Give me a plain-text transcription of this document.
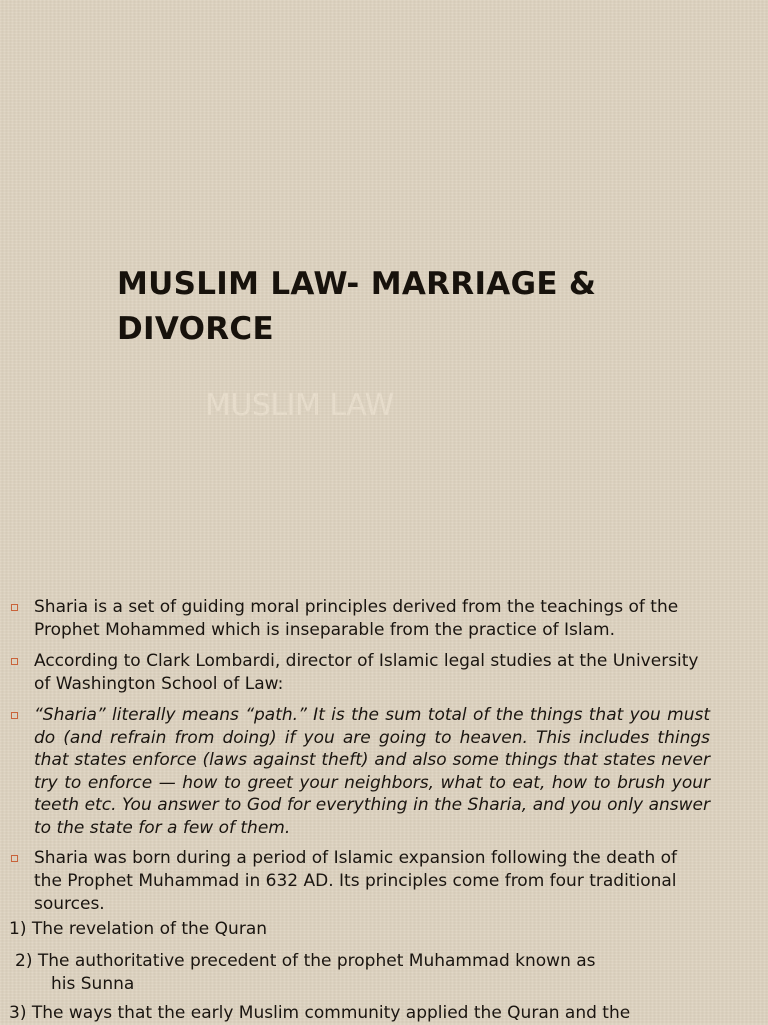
MUSLIM LAW- MARRIAGE &
DIVORCE
MUSLIM LAW
Sharia is a set of guiding moral principles derived from the teachings of the Prophet Mohammed which is inseparable from the practice of Islam.
According to Clark Lombardi, director of Islamic legal studies at the University of Washington School of Law:
“Sharia” literally means “path.” It is the sum total of the things that you must do (and refrain from doing) if you are going to heaven. This includes things that states enforce (laws against theft) and also some things that states never try to enforce — how to greet your neighbors, what to eat, how to brush your teeth etc. You answer to God for everything in the Sharia, and you only answer to the state for a few of them.
Sharia was born during a period of Islamic expansion following the death of the Prophet Muhammad in 632 AD. Its principles come from four traditional sources.
1) The revelation of the Quran
2) The authoritative precedent of the prophet Muhammad known as
his Sunna
3) The ways that the early Muslim community applied the Quran and the
